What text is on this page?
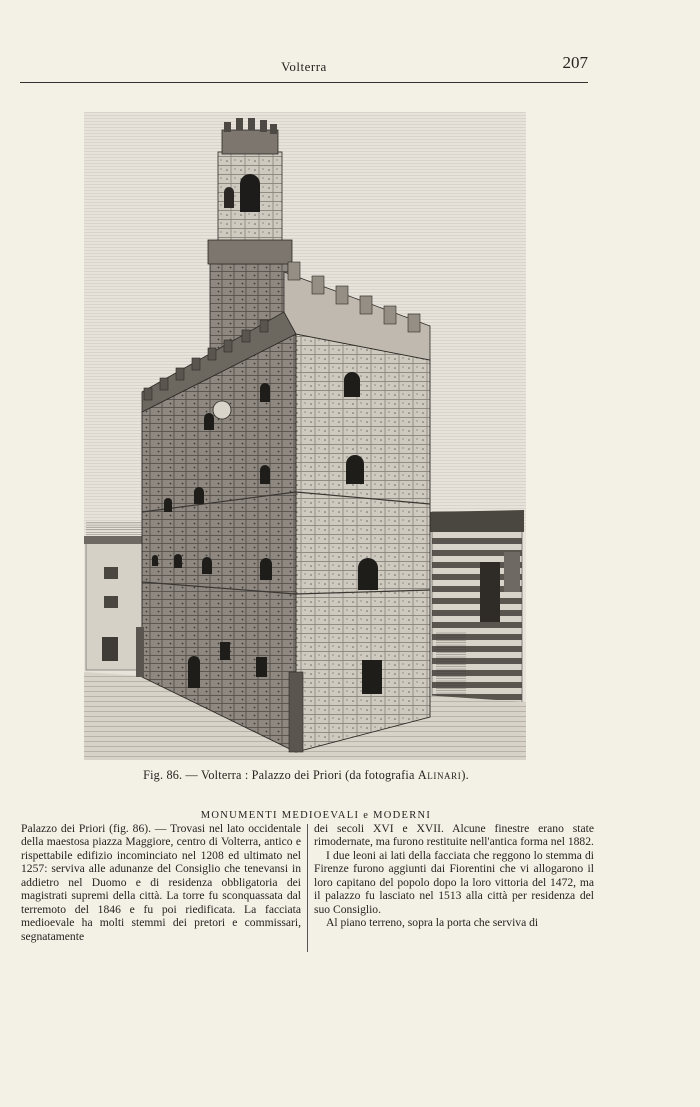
Volterra	207
Fig. 86. — Volterra : Palazzo dei Priori (da fotografia Alinari).
MONUMENTI MEDIOEVALI e MODERNI

Palazzo dei Priori (fig. 86). — Trovasi nel lato occidentale della maestosa piazza Maggiore, centro di Volterra, antico e rispettabile edifizio incominciato nel 1208 ed ultimato nel 1257: serviva alle adunanze del Consiglio che tenevansi in addietro nel Duomo e di residenza obbligatoria dei magistrati supremi della città. La torre fu sconquassata dal terremoto del 1846 e fu poi riedificata. La facciata medioevale ha molti stemmi dei pretori e commissari, segnatamente

dei secoli XVI e XVII. Alcune finestre erano state rimodernate, ma furono restituite nell'antica forma nel 1882.

I due leoni ai lati della facciata che reggono lo stemma di Firenze furono aggiunti dai Fiorentini che vi allogarono il loro capitano del popolo dopo la loro vittoria del 1472, ma il palazzo fu lasciato nel 1513 alla città per residenza del suo Consiglio.

Al piano terreno, sopra la porta che serviva di
